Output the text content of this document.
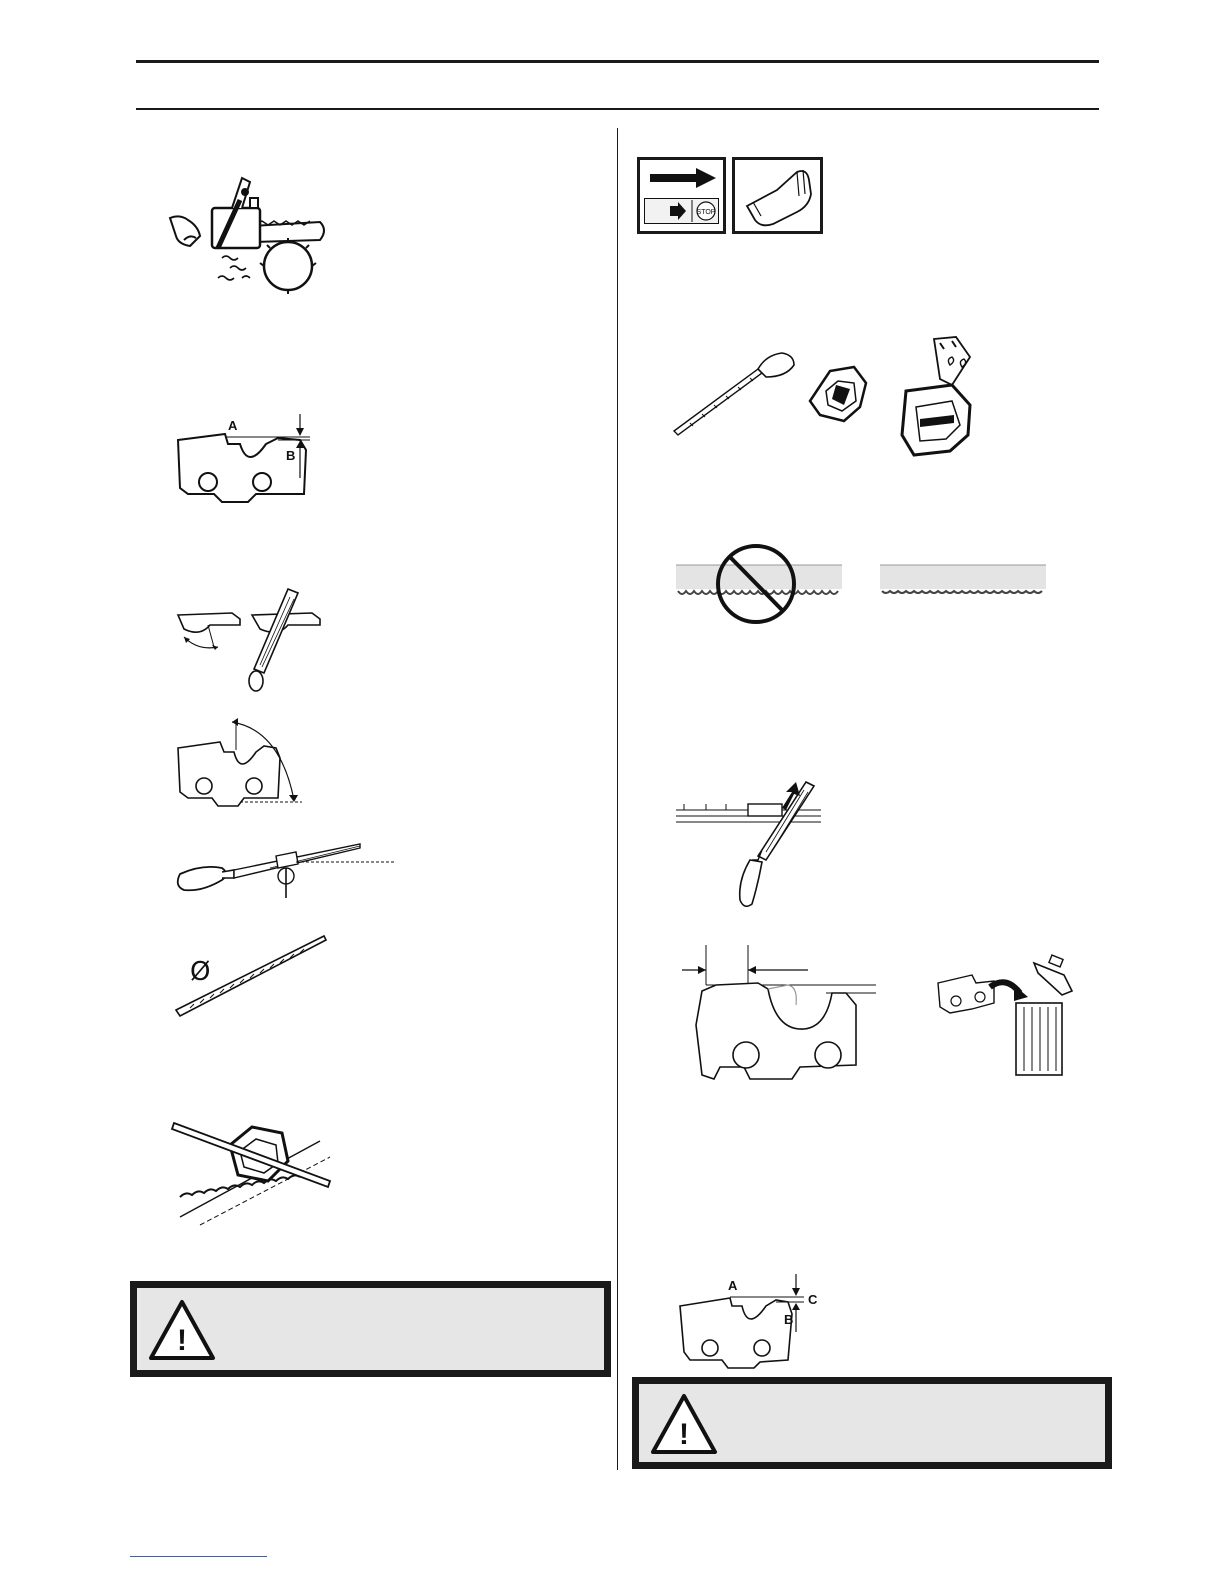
A
B
Ø
!
STOP
A
B
C
!
